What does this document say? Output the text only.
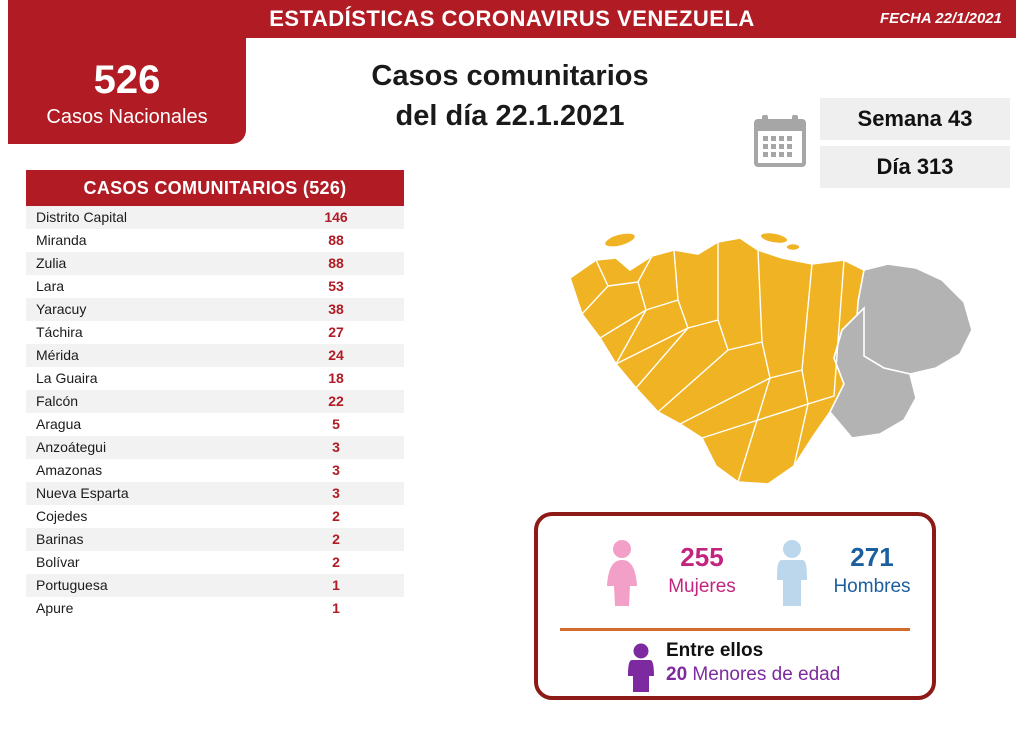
ESTADÍSTICAS CORONAVIRUS VENEZUELA	FECHA 22/1/2021
526
Casos Nacionales
Casos comunitarios
del día 22.1.2021	Semana 43
Día 313
CASOS COMUNITARIOS (526)
Distrito Capital	146
Miranda	88
Zulia	88
Lara	53
Yaracuy	38
Táchira	27
Mérida	24
La Guaira	18
Falcón	22
Aragua	5
Anzoátegui	3
Amazonas	3
Nueva Esparta	3
Cojedes	2
Barinas	2
Bolívar	2
Portuguesa	1
Apure	1
255
Mujeres
271
Hombres
Entre ellos
20 Menores de edad
